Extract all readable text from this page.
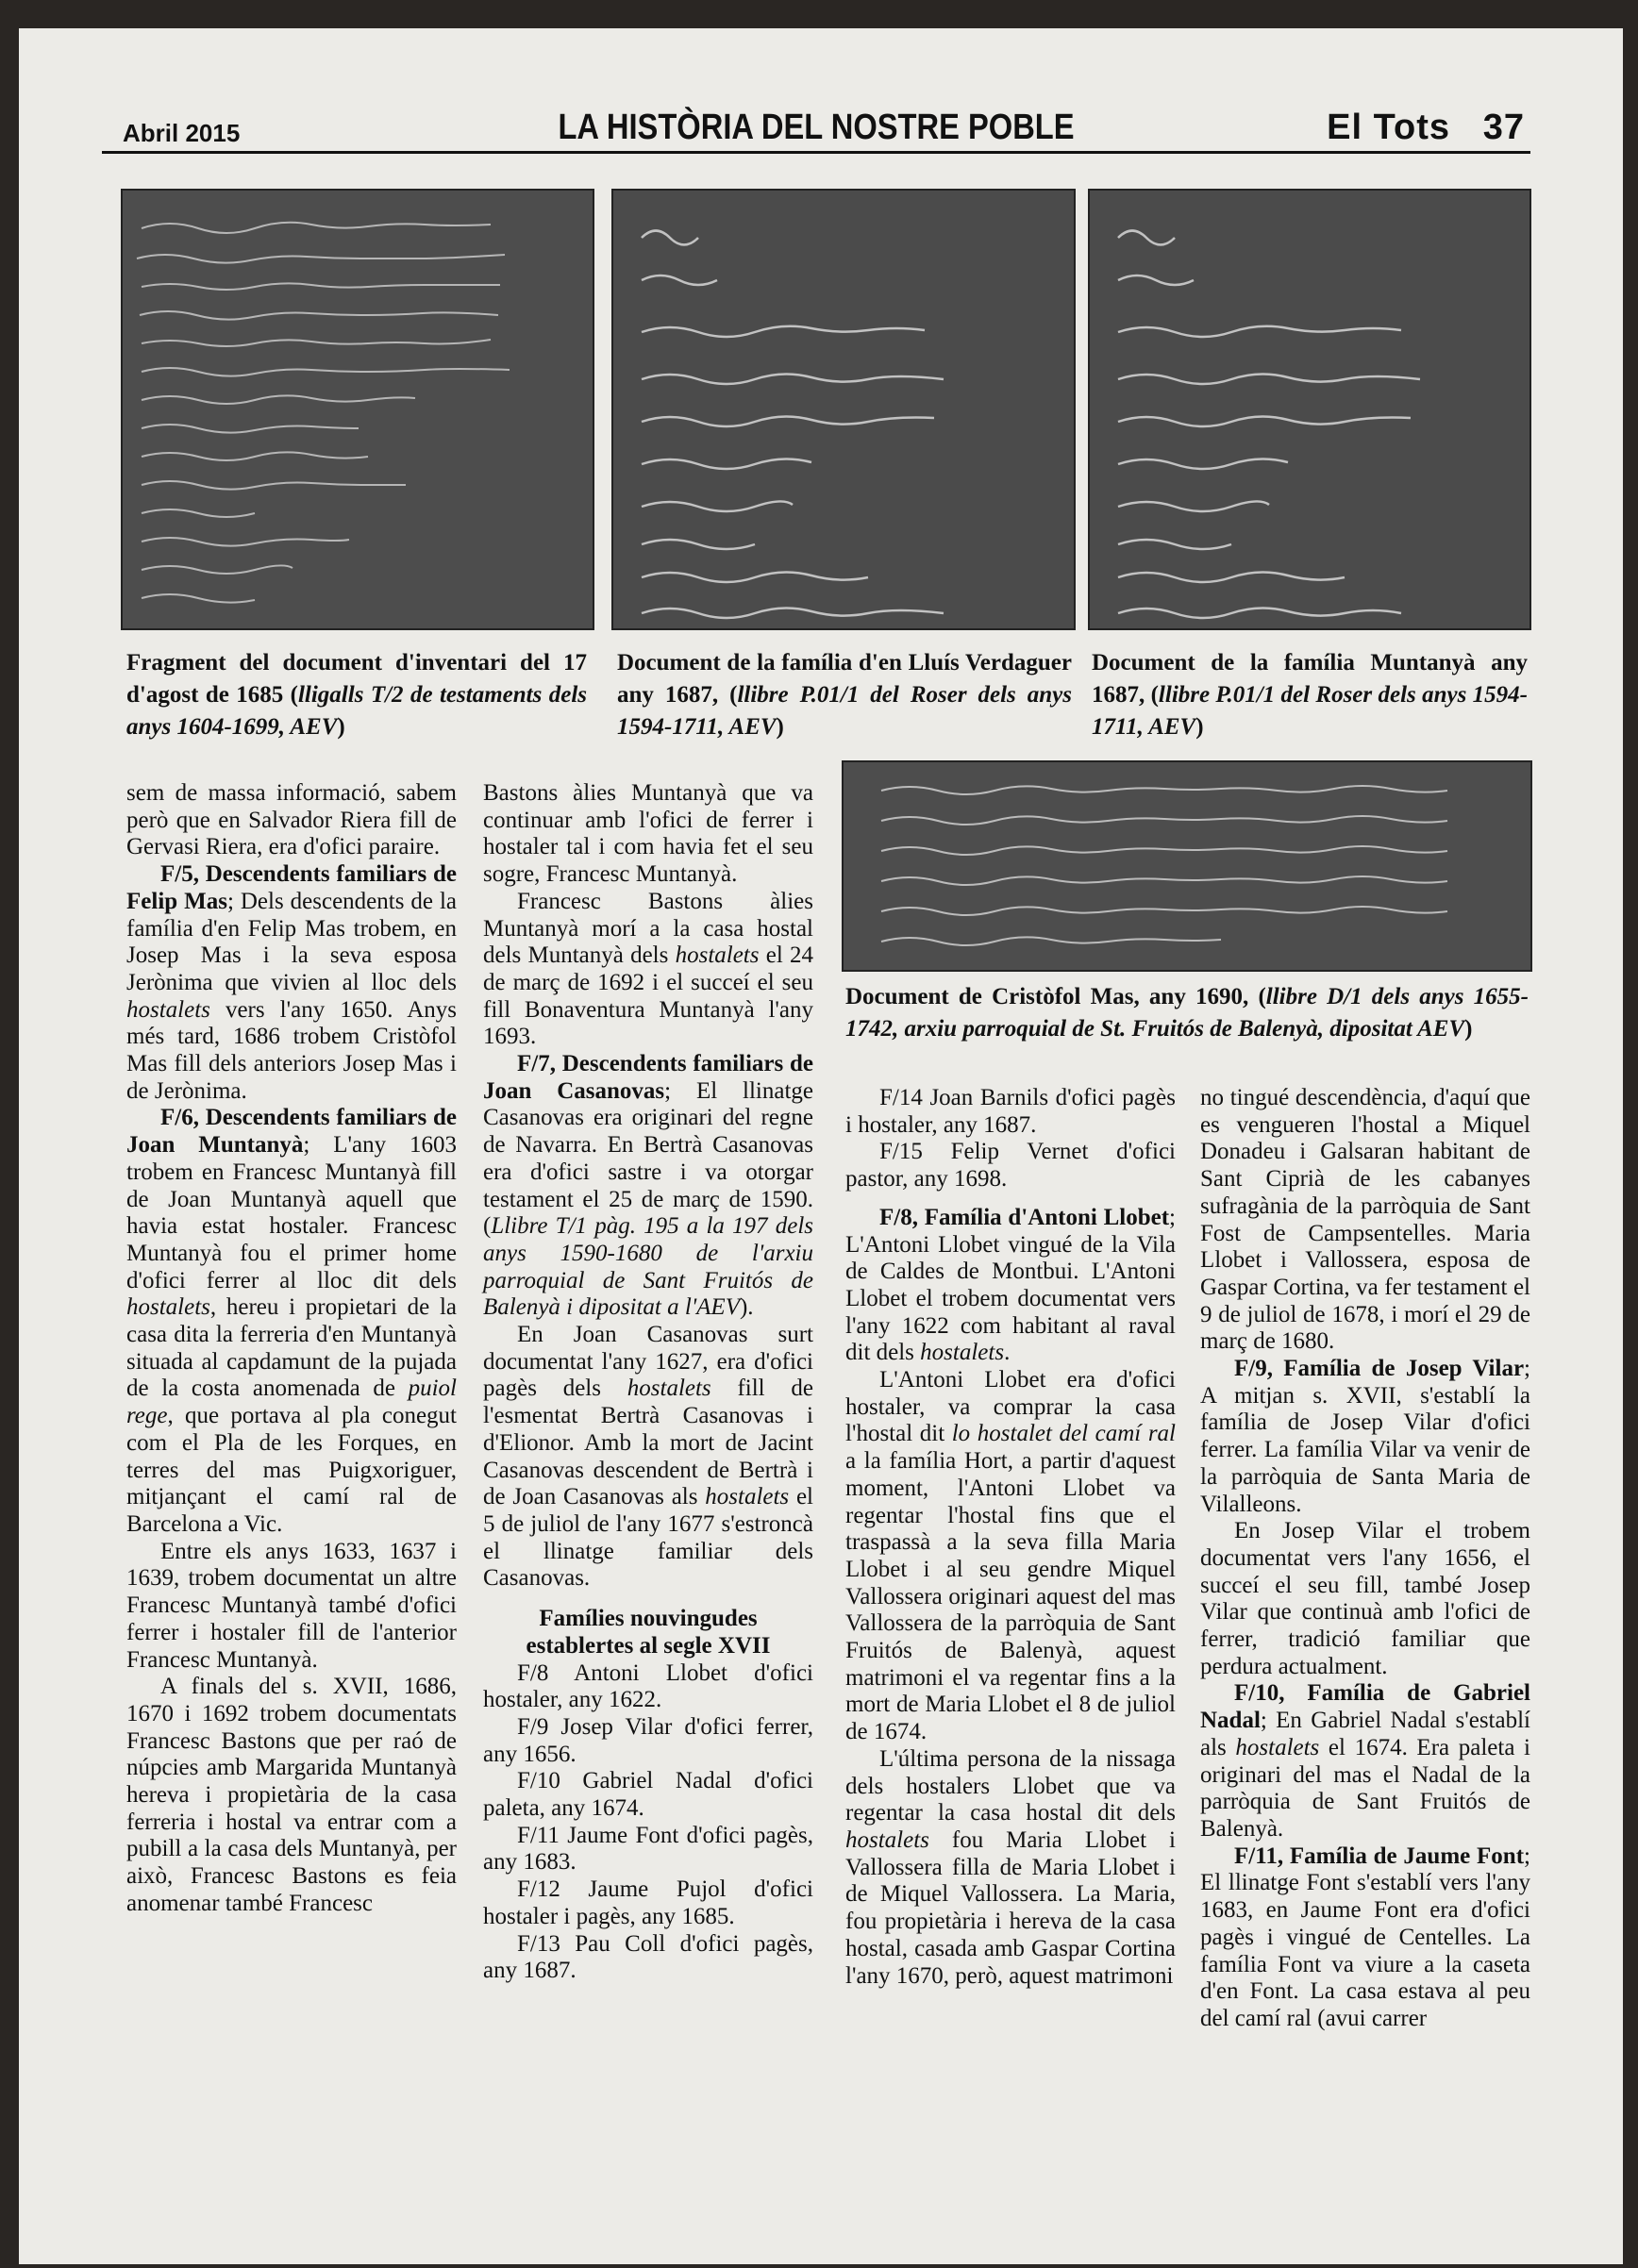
Abril 2015	LA HISTÒRIA DEL NOSTRE POBLE	El Tots 37
Fragment del document d'inventari del 17 d'agost de 1685 (lligalls T/2 de testaments dels anys 1604-1699, AEV)
Document de la família d'en Lluís Verdaguer any 1687, (llibre P.01/1 del Roser dels anys 1594-1711, AEV)
Document de la família Muntanyà any 1687, (llibre P.01/1 del Roser dels anys 1594-1711, AEV)
Document de Cristòfol Mas, any 1690, (llibre D/1 dels anys 1655-1742, arxiu parroquial de St. Fruitós de Balenyà, dipositat AEV)

sem de massa informació, sabem però que en Salvador Riera fill de Gervasi Riera, era d'ofici paraire.

F/5, Descendents familiars de Felip Mas; Dels descendents de la família d'en Felip Mas trobem, en Josep Mas i la seva esposa Jerònima que vivien al lloc dels hostalets vers l'any 1650. Anys més tard, 1686 trobem Cristòfol Mas fill dels anteriors Josep Mas i de Jerònima.

F/6, Descendents familiars de Joan Muntanyà; L'any 1603 trobem en Francesc Muntanyà fill de Joan Muntanyà aquell que havia estat hostaler. Francesc Muntanyà fou el primer home d'ofici ferrer al lloc dit dels hostalets, hereu i propietari de la casa dita la ferreria d'en Muntanyà situada al capdamunt de la pujada de la costa anomenada de puiol rege, que portava al pla conegut com el Pla de les Forques, en terres del mas Puigxoriguer, mitjançant el camí ral de Barcelona a Vic.

Entre els anys 1633, 1637 i 1639, trobem documentat un altre Francesc Muntanyà també d'ofici ferrer i hostaler fill de l'anterior Francesc Muntanyà.

A finals del s. XVII, 1686, 1670 i 1692 trobem documentats Francesc Bastons que per raó de núpcies amb Margarida Muntanyà hereva i propietària de la casa ferreria i hostal va entrar com a pubill a la casa dels Muntanyà, per això, Francesc Bastons es feia anomenar també Francesc

Bastons àlies Muntanyà que va continuar amb l'ofici de ferrer i hostaler tal i com havia fet el seu sogre, Francesc Muntanyà.

Francesc Bastons àlies Muntanyà morí a la casa hostal dels Muntanyà dels hostalets el 24 de març de 1692 i el succeí el seu fill Bonaventura Muntanyà l'any 1693.

F/7, Descendents familiars de Joan Casanovas; El llinatge Casanovas era originari del regne de Navarra. En Bertrà Casanovas era d'ofici sastre i va otorgar testament el 25 de març de 1590. (Llibre T/1 pàg. 195 a la 197 dels anys 1590-1680 de l'arxiu parroquial de Sant Fruitós de Balenyà i dipositat a l'AEV).

En Joan Casanovas surt documentat l'any 1627, era d'ofici pagès dels hostalets fill de l'esmentat Bertrà Casanovas i d'Elionor. Amb la mort de Jacint Casanovas descendent de Bertrà i de Joan Casanovas als hostalets el 5 de juliol de l'any 1677 s'estroncà el llinatge familiar dels Casanovas.

Famílies nouvingudes
establertes al segle XVII

F/8 Antoni Llobet d'ofici hostaler, any 1622.

F/9 Josep Vilar d'ofici ferrer, any 1656.

F/10 Gabriel Nadal d'ofici paleta, any 1674.

F/11 Jaume Font d'ofici pagès, any 1683.

F/12 Jaume Pujol d'ofici hostaler i pagès, any 1685.

F/13 Pau Coll d'ofici pagès, any 1687.

F/14 Joan Barnils d'ofici pagès i hostaler, any 1687.

F/15 Felip Vernet d'ofici pastor, any 1698.

F/8, Família d'Antoni Llobet; L'Antoni Llobet vingué de la Vila de Caldes de Montbui. L'Antoni Llobet el trobem documentat vers l'any 1622 com habitant al raval dit dels hostalets.

L'Antoni Llobet era d'ofici hostaler, va comprar la casa l'hostal dit lo hostalet del camí ral a la família Hort, a partir d'aquest moment, l'Antoni Llobet va regentar l'hostal fins que el traspassà a la seva filla Maria Llobet i al seu gendre Miquel Vallossera originari aquest del mas Vallossera de la parròquia de Sant Fruitós de Balenyà, aquest matrimoni el va regentar fins a la mort de Maria Llobet el 8 de juliol de 1674.

L'última persona de la nissaga dels hostalers Llobet que va regentar la casa hostal dit dels hostalets fou Maria Llobet i Vallossera filla de Maria Llobet i de Miquel Vallossera. La Maria, fou propietària i hereva de la casa hostal, casada amb Gaspar Cortina l'any 1670, però, aquest matrimoni

no tingué descendència, d'aquí que es vengueren l'hostal a Miquel Donadeu i Galsaran habitant de Sant Ciprià de les cabanyes sufragània de la parròquia de Sant Fost de Campsentelles. Maria Llobet i Vallossera, esposa de Gaspar Cortina, va fer testament el 9 de juliol de 1678, i morí el 29 de març de 1680.

F/9, Família de Josep Vilar; A mitjan s. XVII, s'establí la família de Josep Vilar d'ofici ferrer. La família Vilar va venir de la parròquia de Santa Maria de Vilalleons.

En Josep Vilar el trobem documentat vers l'any 1656, el succeí el seu fill, també Josep Vilar que continuà amb l'ofici de ferrer, tradició familiar que perdura actualment.

F/10, Família de Gabriel Nadal; En Gabriel Nadal s'establí als hostalets el 1674. Era paleta i originari del mas el Nadal de la parròquia de Sant Fruitós de Balenyà.

F/11, Família de Jaume Font; El llinatge Font s'establí vers l'any 1683, en Jaume Font era d'ofici pagès i vingué de Centelles. La família Font va viure a la caseta d'en Font. La casa estava al peu del camí ral (avui carrer
